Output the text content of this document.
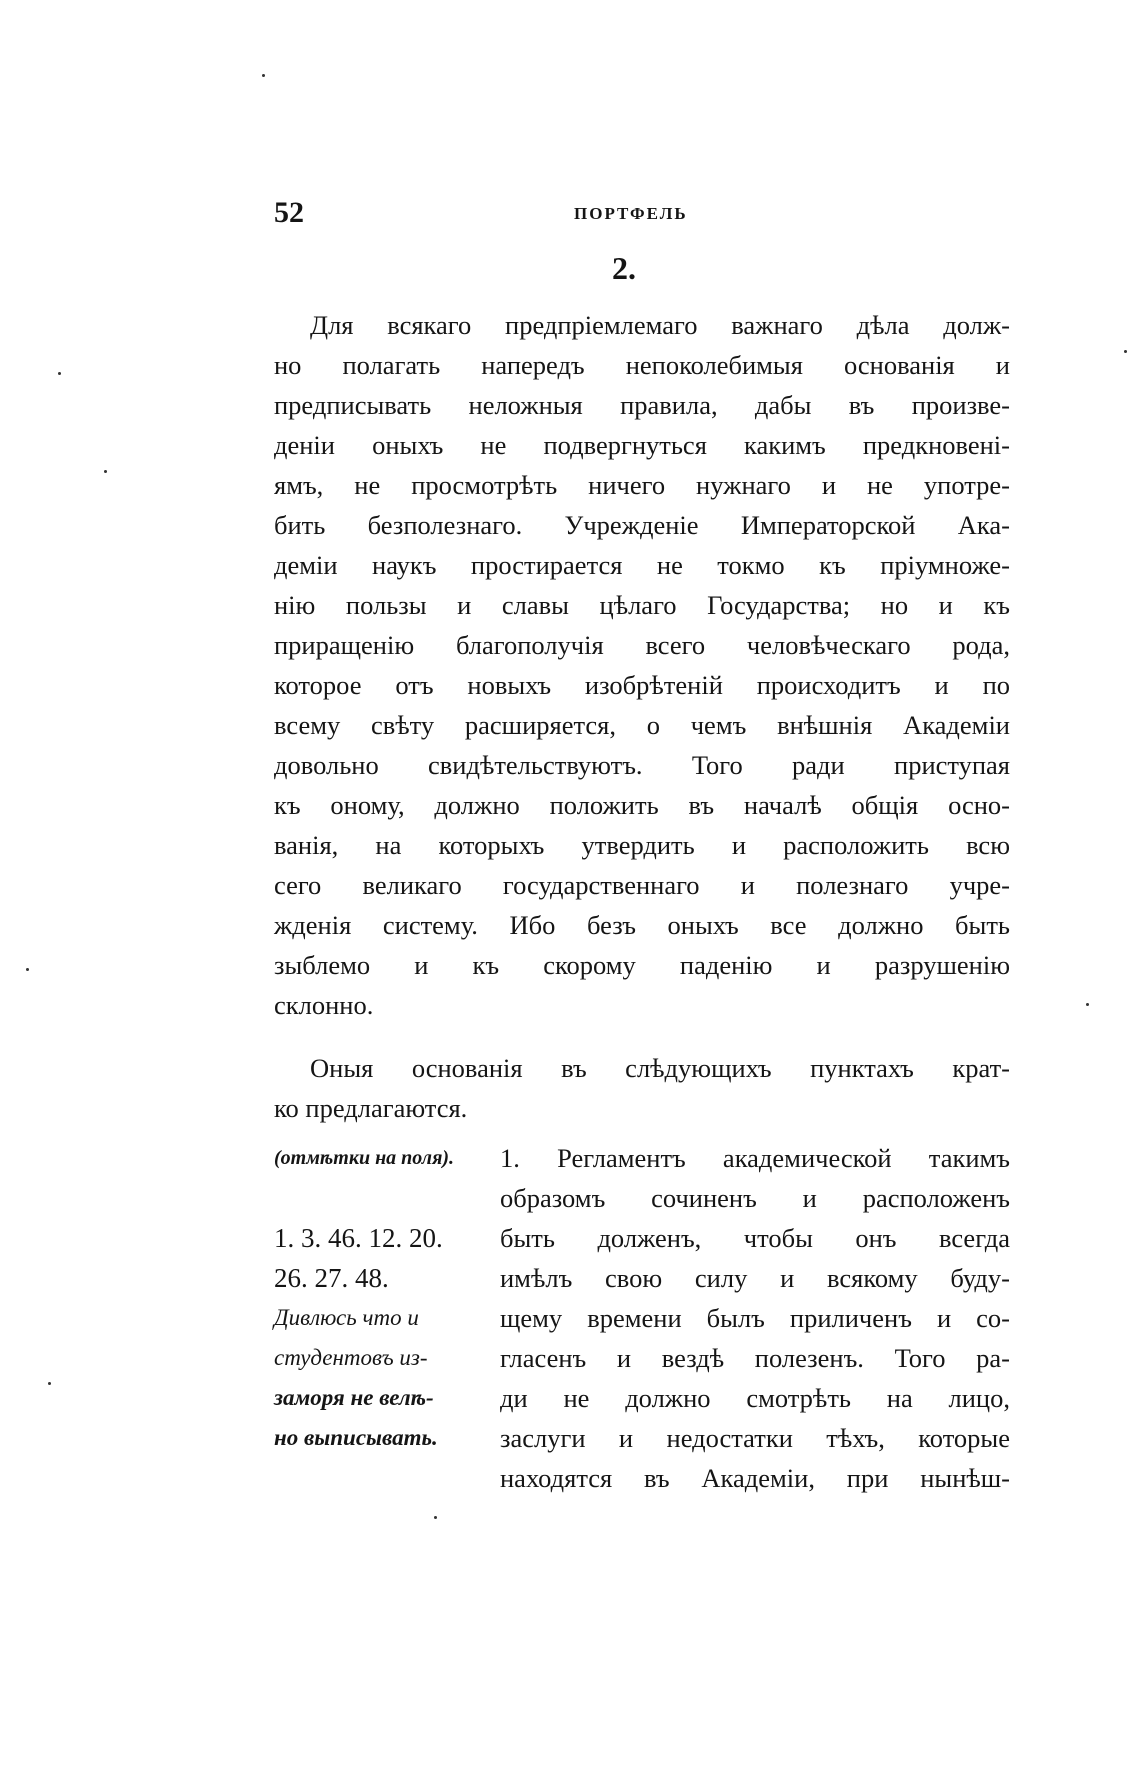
52	ПОРТФЕЛЬ
2.
Для всякаго предпріемлемаго важнаго дѣла долж-
но полагать напередъ непоколебимыя основанія и
предписывать неложныя правила, дабы въ произве-
деніи оныхъ не подвергнуться какимъ предкновені-
ямъ, не просмотрѣть ничего нужнаго и не употре-
бить безполезнаго. Учрежденіе Императорской Ака-
деміи наукъ простирается не токмо къ пріумноже-
нію пользы и славы цѣлаго Государства; но и къ
приращенію благополучія всего человѣческаго рода,
которое отъ новыхъ изобрѣтеній происходитъ и по
всему свѣту расширяется, о чемъ внѣшнія Академіи
довольно свидѣтельствуютъ. Того ради приступая
къ оному, должно положить въ началѣ общія осно-
ванія, на которыхъ утвердить и расположить всю
сего великаго государственнаго и полезнаго учре-
жденія систему. Ибо безъ оныхъ все должно быть
зыблемо и къ скорому паденію и разрушенію
склонно.
Оныя основанія въ слѣдующихъ пунктахъ крат-
ко предлагаются.
(отмѣтки на поля).

1. 3. 46. 12. 20.
26. 27. 48.
Дивлюсь что и
студентовъ из-
заморя не велѣ-
но выписывать.
1. Регламентъ академической такимъ
образомъ сочиненъ и расположенъ
быть долженъ, чтобы онъ всегда
имѣлъ свою силу и всякому буду-
щему времени былъ приличенъ и со-
гласенъ и вездѣ полезенъ. Того ра-
ди не должно смотрѣть на лицо,
заслуги и недостатки тѣхъ, которые
находятся въ Академіи, при нынѣш-
